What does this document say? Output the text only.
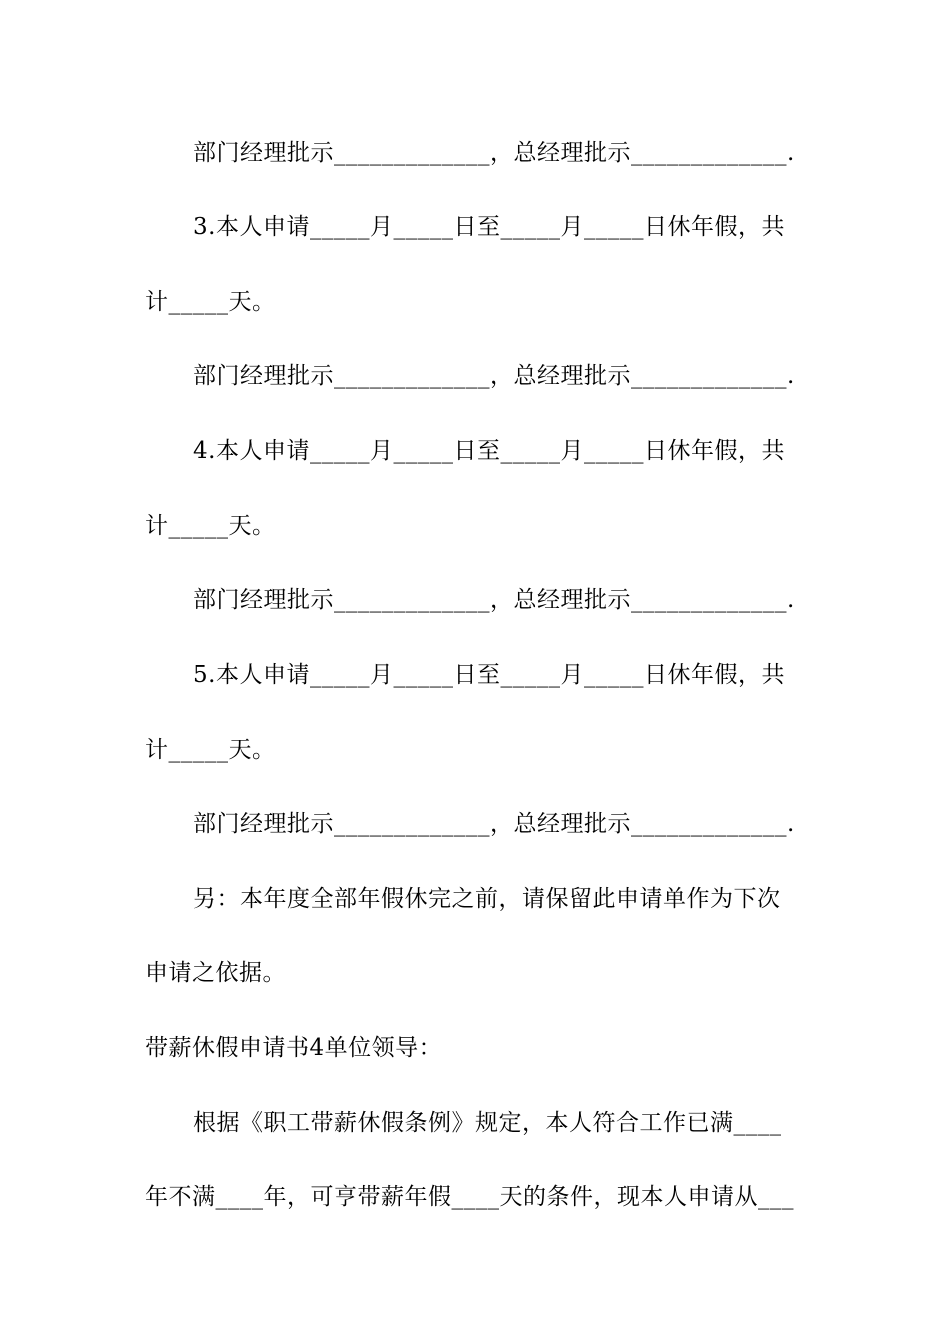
部门经理批示_____________，总经理批示_____________.
3.本人申请_____月_____日至_____月_____日休年假，共
计_____天。
部门经理批示_____________，总经理批示_____________.
4.本人申请_____月_____日至_____月_____日休年假，共
计_____天。
部门经理批示_____________，总经理批示_____________.
5.本人申请_____月_____日至_____月_____日休年假，共
计_____天。
部门经理批示_____________，总经理批示_____________.
另：本年度全部年假休完之前，请保留此申请单作为下次
申请之依据。
带薪休假申请书4单位领导：
根据《职工带薪休假条例》规定，本人符合工作已满____
年不满____年，可亨带薪年假____天的条件，现本人申请从___
